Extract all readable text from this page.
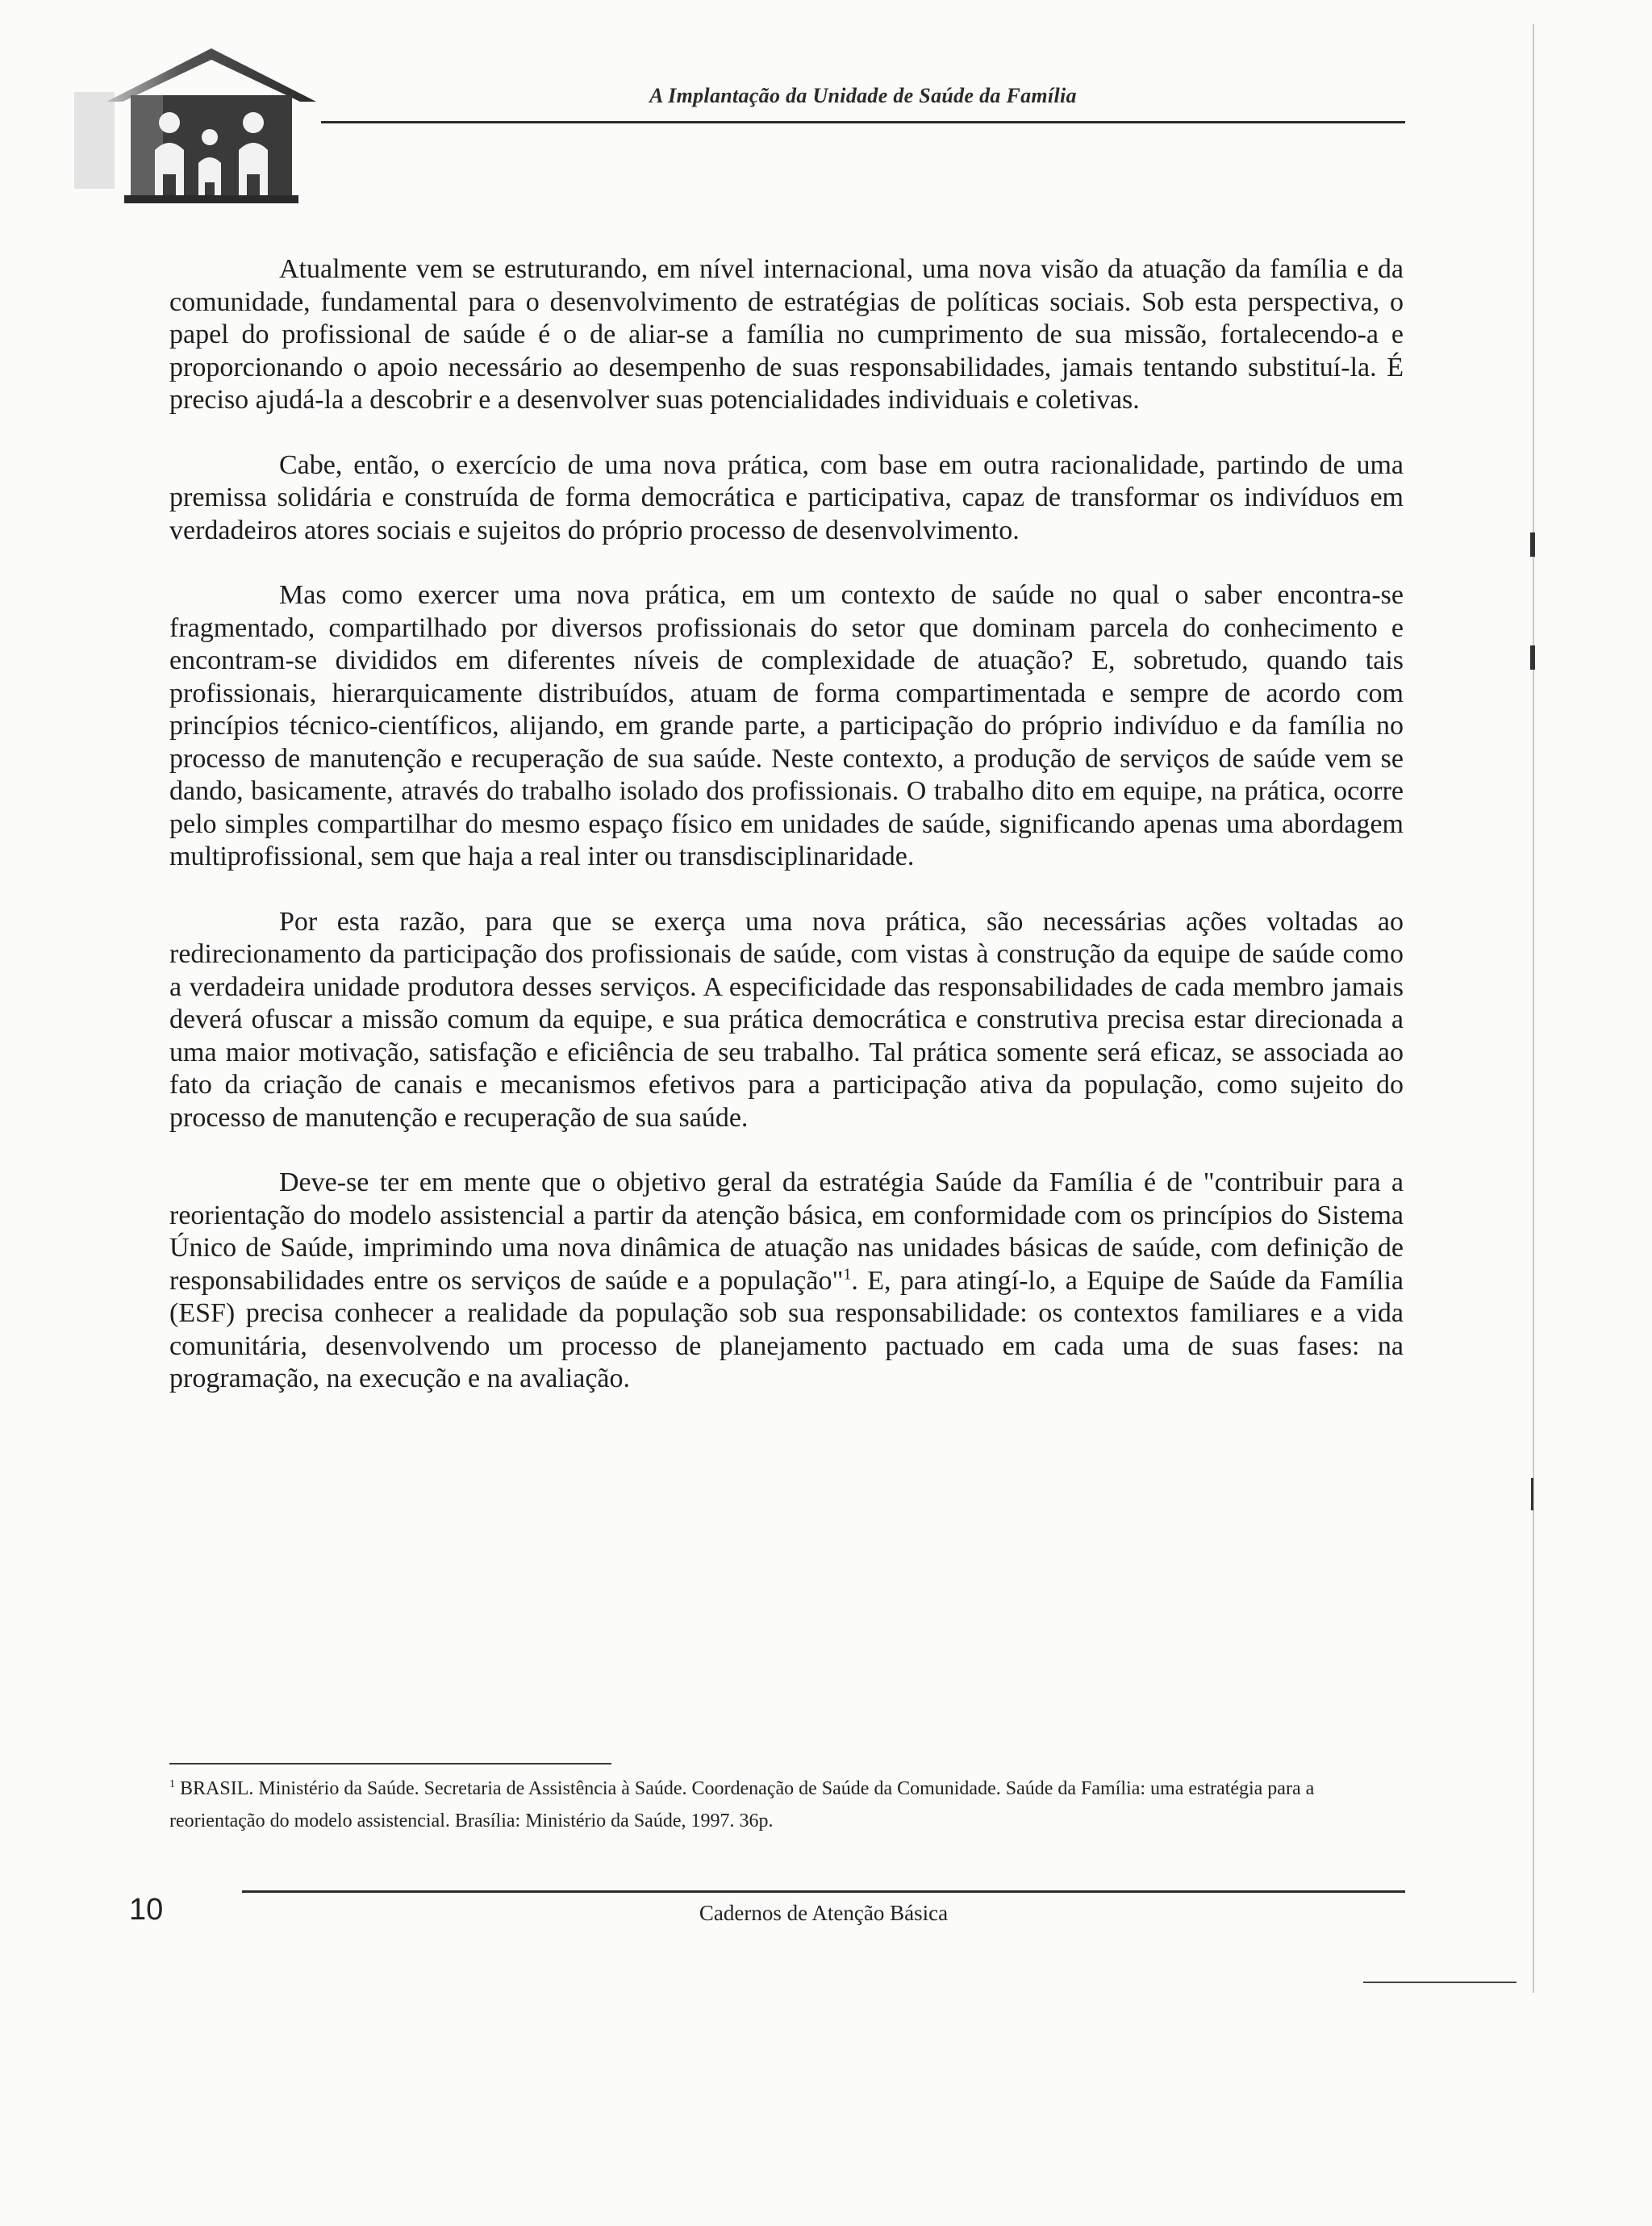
A Implantação da Unidade de Saúde da Família

Atualmente vem se estruturando, em nível internacional, uma nova visão da atuação da família e da comunidade, fundamental para o desenvolvimento de estratégias de políticas sociais. Sob esta perspectiva, o papel do profissional de saúde é o de aliar-se a família no cumprimento de sua missão, fortalecendo-a e proporcionando o apoio necessário ao desempenho de suas responsabilidades, jamais tentando substituí-la. É preciso ajudá-la a descobrir e a desenvolver suas potencialidades individuais e coletivas.

Cabe, então, o exercício de uma nova prática, com base em outra racionalidade, partindo de uma premissa solidária e construída de forma democrática e participativa, capaz de transformar os indivíduos em verdadeiros atores sociais e sujeitos do próprio processo de desenvolvimento.

Mas como exercer uma nova prática, em um contexto de saúde no qual o saber encontra-se fragmentado, compartilhado por diversos profissionais do setor que dominam parcela do conhecimento e encontram-se divididos em diferentes níveis de complexidade de atuação? E, sobretudo, quando tais profissionais, hierarquicamente distribuídos, atuam de forma compartimentada e sempre de acordo com princípios técnico-científicos, alijando, em grande parte, a participação do próprio indivíduo e da família no processo de manutenção e recuperação de sua saúde. Neste contexto, a produção de serviços de saúde vem se dando, basicamente, através do trabalho isolado dos profissionais. O trabalho dito em equipe, na prática, ocorre pelo simples compartilhar do mesmo espaço físico em unidades de saúde, significando apenas uma abordagem multiprofissional, sem que haja a real inter ou transdisciplinaridade.

Por esta razão, para que se exerça uma nova prática, são necessárias ações voltadas ao redirecionamento da participação dos profissionais de saúde, com vistas à construção da equipe de saúde como a verdadeira unidade produtora desses serviços. A especificidade das responsabilidades de cada membro jamais deverá ofuscar a missão comum da equipe, e sua prática democrática e construtiva precisa estar direcionada a uma maior motivação, satisfação e eficiência de seu trabalho. Tal prática somente será eficaz, se associada ao fato da criação de canais e mecanismos efetivos para a participação ativa da população, como sujeito do processo de manutenção e recuperação de sua saúde.

Deve-se ter em mente que o objetivo geral da estratégia Saúde da Família é de "contribuir para a reorientação do modelo assistencial a partir da atenção básica, em conformidade com os princípios do Sistema Único de Saúde, imprimindo uma nova dinâmica de atuação nas unidades básicas de saúde, com definição de responsabilidades entre os serviços de saúde e a população"$^1$. E, para atingí-lo, a Equipe de Saúde da Família (ESF) precisa conhecer a realidade da população sob sua responsabilidade: os contextos familiares e a vida comunitária, desenvolvendo um processo de planejamento pactuado em cada uma de suas fases: na programação, na execução e na avaliação.

$^1$ BRASIL. Ministério da Saúde. Secretaria de Assistência à Saúde. Coordenação de Saúde da Comunidade. Saúde da Família: uma estratégia para a reorientação do modelo assistencial. Brasília: Ministério da Saúde, 1997. 36p.
10	Cadernos de Atenção Básica
